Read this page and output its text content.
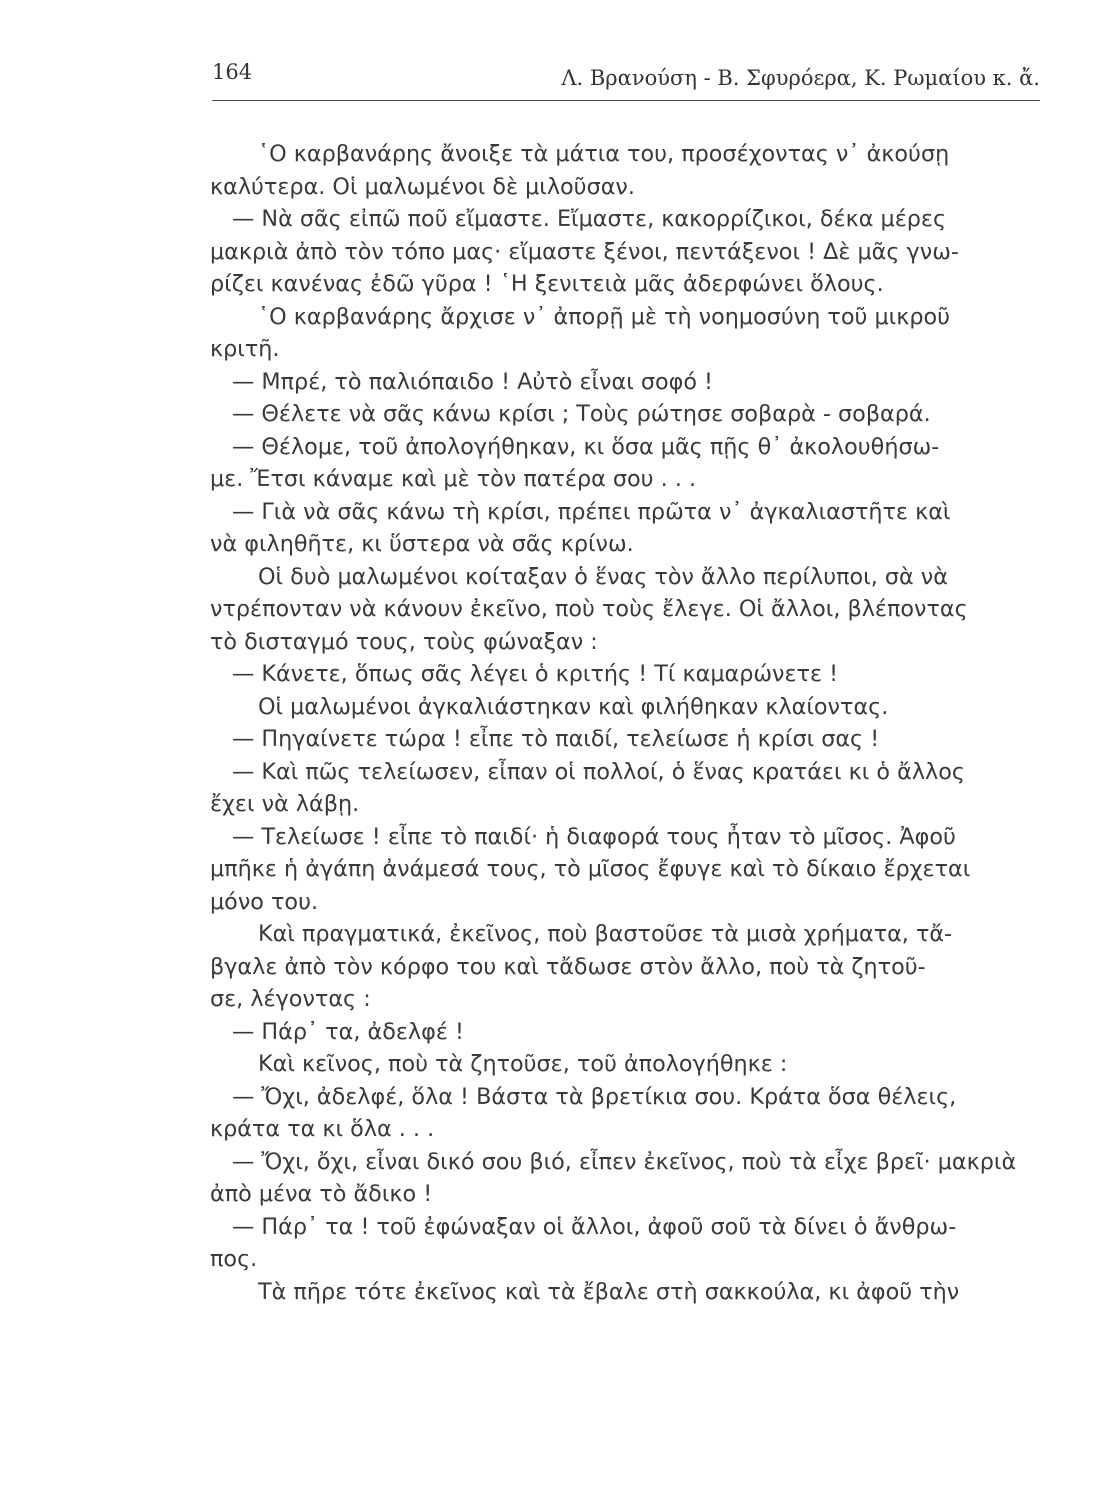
164	Λ. Βρανούση - Β. Σφυρόερα, Κ. Ρωμαίου κ. ἄ.
῾Ο καρβανάρης ἄνοιξε τὰ μάτια του, προσέχοντας ν᾽ ἀκούσῃ
καλύτερα. Οἱ μαλωμένοι δὲ μιλοῦσαν.
— Νὰ σᾶς εἰπῶ ποῦ εἴμαστε. Εἴμαστε, κακορρίζικοι, δέκα μέρες
μακριὰ ἀπὸ τὸν τόπο μας· εἴμαστε ξένοι, πεντάξενοι ! Δὲ μᾶς γνω-
ρίζει κανένας ἐδῶ γῦρα ! ῾Η ξενιτειὰ μᾶς ἀδερφώνει ὅλους.
῾Ο καρβανάρης ἄρχισε ν᾽ ἀπορῇ μὲ τὴ νοημοσύνη τοῦ μικροῦ
κριτῆ.
— Μπρέ, τὸ παλιόπαιδο ! Αὐτὸ εἶναι σοφό !
— Θέλετε νὰ σᾶς κάνω κρίσι ; Τοὺς ρώτησε σοβαρὰ - σοβαρά.
— Θέλομε, τοῦ ἀπολογήθηκαν, κι ὅσα μᾶς πῇς θ᾽ ἀκολουθήσω-
με. Ἔτσι κάναμε καὶ μὲ τὸν πατέρα σου . . .
— Γιὰ νὰ σᾶς κάνω τὴ κρίσι, πρέπει πρῶτα ν᾽ ἀγκαλιαστῆτε καὶ
νὰ φιληθῆτε, κι ὕστερα νὰ σᾶς κρίνω.
Οἱ δυὸ μαλωμένοι κοίταξαν ὁ ἕνας τὸν ἄλλο περίλυποι, σὰ νὰ
ντρέπονταν νὰ κάνουν ἐκεῖνο, ποὺ τοὺς ἔλεγε. Οἱ ἄλλοι, βλέποντας
τὸ δισταγμό τους, τοὺς φώναξαν :
— Κάνετε, ὅπως σᾶς λέγει ὁ κριτής ! Τί καμαρώνετε !
Οἱ μαλωμένοι ἀγκαλιάστηκαν καὶ φιλήθηκαν κλαίοντας.
— Πηγαίνετε τώρα ! εἶπε τὸ παιδί, τελείωσε ἡ κρίσι σας !
— Καὶ πῶς τελείωσεν, εἶπαν οἱ πολλοί, ὁ ἕνας κρατάει κι ὁ ἄλλος
ἔχει νὰ λάβῃ.
— Τελείωσε ! εἶπε τὸ παιδί· ἡ διαφορά τους ἦταν τὸ μῖσος. Ἀφοῦ
μπῆκε ἡ ἀγάπη ἀνάμεσά τους, τὸ μῖσος ἔφυγε καὶ τὸ δίκαιο ἔρχεται
μόνο του.
Καὶ πραγματικά, ἐκεῖνος, ποὺ βαστοῦσε τὰ μισὰ χρήματα, τἄ-
βγαλε ἀπὸ τὸν κόρφο του καὶ τἄδωσε στὸν ἄλλο, ποὺ τὰ ζητοῦ-
σε, λέγοντας :
— Πάρ᾽ τα, ἀδελφέ !
Καὶ κεῖνος, ποὺ τὰ ζητοῦσε, τοῦ ἀπολογήθηκε :
— Ὄχι, ἀδελφέ, ὅλα ! Βάστα τὰ βρετίκια σου. Κράτα ὅσα θέλεις,
κράτα τα κι ὅλα . . .
— Ὄχι, ὄχι, εἶναι δικό σου βιό, εἶπεν ἐκεῖνος, ποὺ τὰ εἶχε βρεῖ· μακριὰ
ἀπὸ μένα τὸ ἄδικο !
— Πάρ᾽ τα ! τοῦ ἐφώναξαν οἱ ἄλλοι, ἀφοῦ σοῦ τὰ δίνει ὁ ἄνθρω-
πος.
Τὰ πῆρε τότε ἐκεῖνος καὶ τὰ ἔβαλε στὴ σακκούλα, κι ἀφοῦ τὴν
